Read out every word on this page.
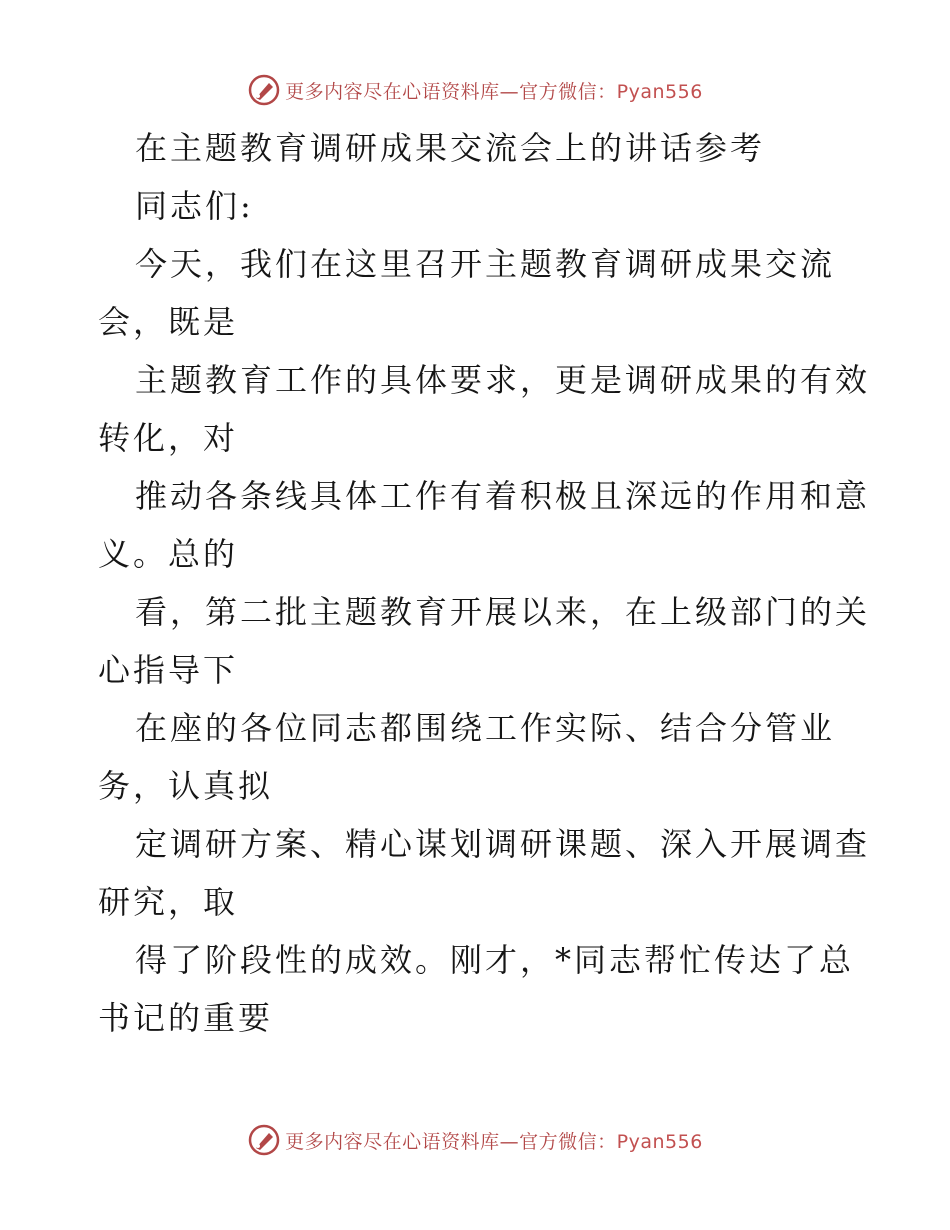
更多内容尽在心语资料库—官方微信：Pyan556
在主题教育调研成果交流会上的讲话参考
同志们:
今天，我们在这里召开主题教育调研成果交流
会，既是
主题教育工作的具体要求，更是调研成果的有效
转化，对
推动各条线具体工作有着积极且深远的作用和意
义。总的
看，第二批主题教育开展以来，在上级部门的关
心指导下
在座的各位同志都围绕工作实际、结合分管业
务，认真拟
定调研方案、精心谋划调研课题、深入开展调查
研究，取
得了阶段性的成效。刚才，*同志帮忙传达了总
书记的重要
更多内容尽在心语资料库—官方微信：Pyan556
